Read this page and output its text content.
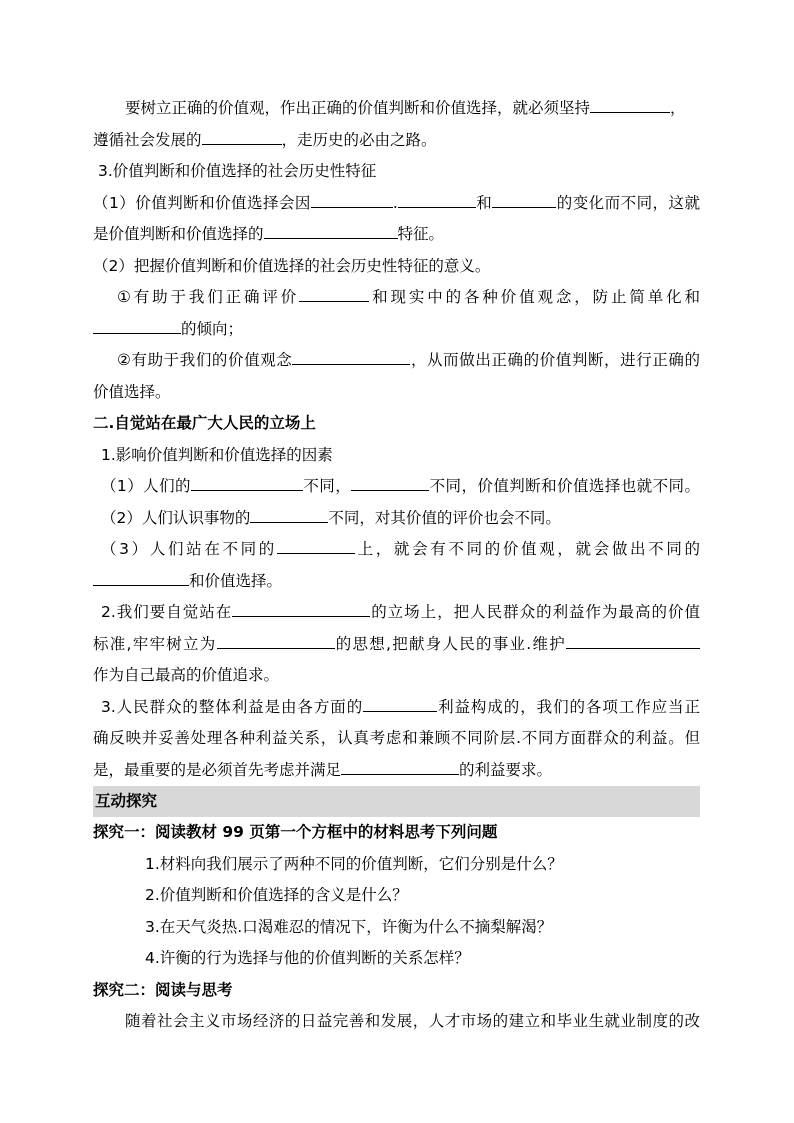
要树立正确的价值观，作出正确的价值判断和价值选择，就必须坚持	，

遵循社会发展的	，走历史的必由之路。

3.价值判断和价值选择的社会历史性特征

（1）价值判断和价值选择会因	.	和	的变化而不同，这就

是价值判断和价值选择的	特征。

（2）把握价值判断和价值选择的社会历史性特征的意义。

①有助于我们正确评价	和现实中的各种价值观念，防止简单化和

的倾向；

②有助于我们的价值观念	，从而做出正确的价值判断，进行正确的

价值选择。

二.自觉站在最广大人民的立场上

1.影响价值判断和价值选择的因素

（1）人们的	不同，	不同，价值判断和价值选择也就不同。

（2）人们认识事物的	不同，对其价值的评价也会不同。

（3）人们站在不同的	上，就会有不同的价值观，就会做出不同的

和价值选择。

2.我们要自觉站在	的立场上，把人民群众的利益作为最高的价值

标准,牢牢树立为	的思想,把献身人民的事业.维护

作为自己最高的价值追求。

3.人民群众的整体利益是由各方面的	利益构成的，我们的各项工作应当正

确反映并妥善处理各种利益关系，认真考虑和兼顾不同阶层.不同方面群众的利益。但

是，最重要的是必须首先考虑并满足	的利益要求。

互动探究

探究一：阅读教材 99 页第一个方框中的材料思考下列问题

1.材料向我们展示了两种不同的价值判断，它们分别是什么？

2.价值判断和价值选择的含义是什么？

3.在天气炎热.口渴难忍的情况下，许衡为什么不摘梨解渴？

4.许衡的行为选择与他的价值判断的关系怎样？

探究二：阅读与思考

随着社会主义市场经济的日益完善和发展，人才市场的建立和毕业生就业制度的改
